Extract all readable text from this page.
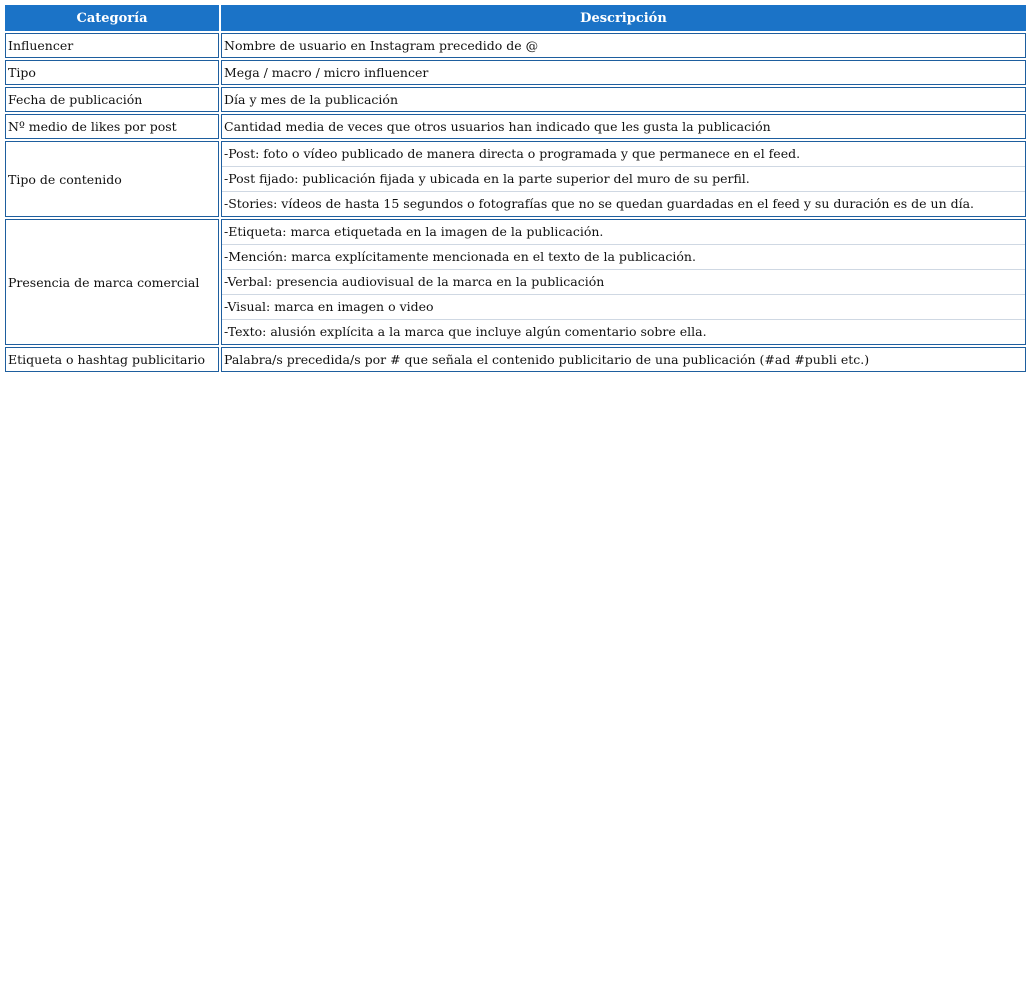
Categoría	Descripción
Influencer	Nombre de usuario en Instagram precedido de @
Tipo	Mega / macro / micro influencer
Fecha de publicación	Día y mes de la publicación
Nº medio de likes por post	Cantidad media de veces que otros usuarios han indicado que les gusta la publicación
Tipo de contenido	-Post: foto o vídeo publicado de manera directa o programada y que permanece en el feed.
-Post fijado: publicación fijada y ubicada en la parte superior del muro de su perfil.
-Stories: vídeos de hasta 15 segundos o fotografías que no se quedan guardadas en el feed y su duración es de un día.

Presencia de marca comercial	-Etiqueta: marca etiquetada en la imagen de la publicación.
-Mención: marca explícitamente mencionada en el texto de la publicación.
-Verbal: presencia audiovisual de la marca en la publicación
-Visual: marca en imagen o video
-Texto: alusión explícita a la marca que incluye algún comentario sobre ella.

Etiqueta o hashtag publicitario	Palabra/s precedida/s por # que señala el contenido publicitario de una publicación (#ad #publi etc.)
